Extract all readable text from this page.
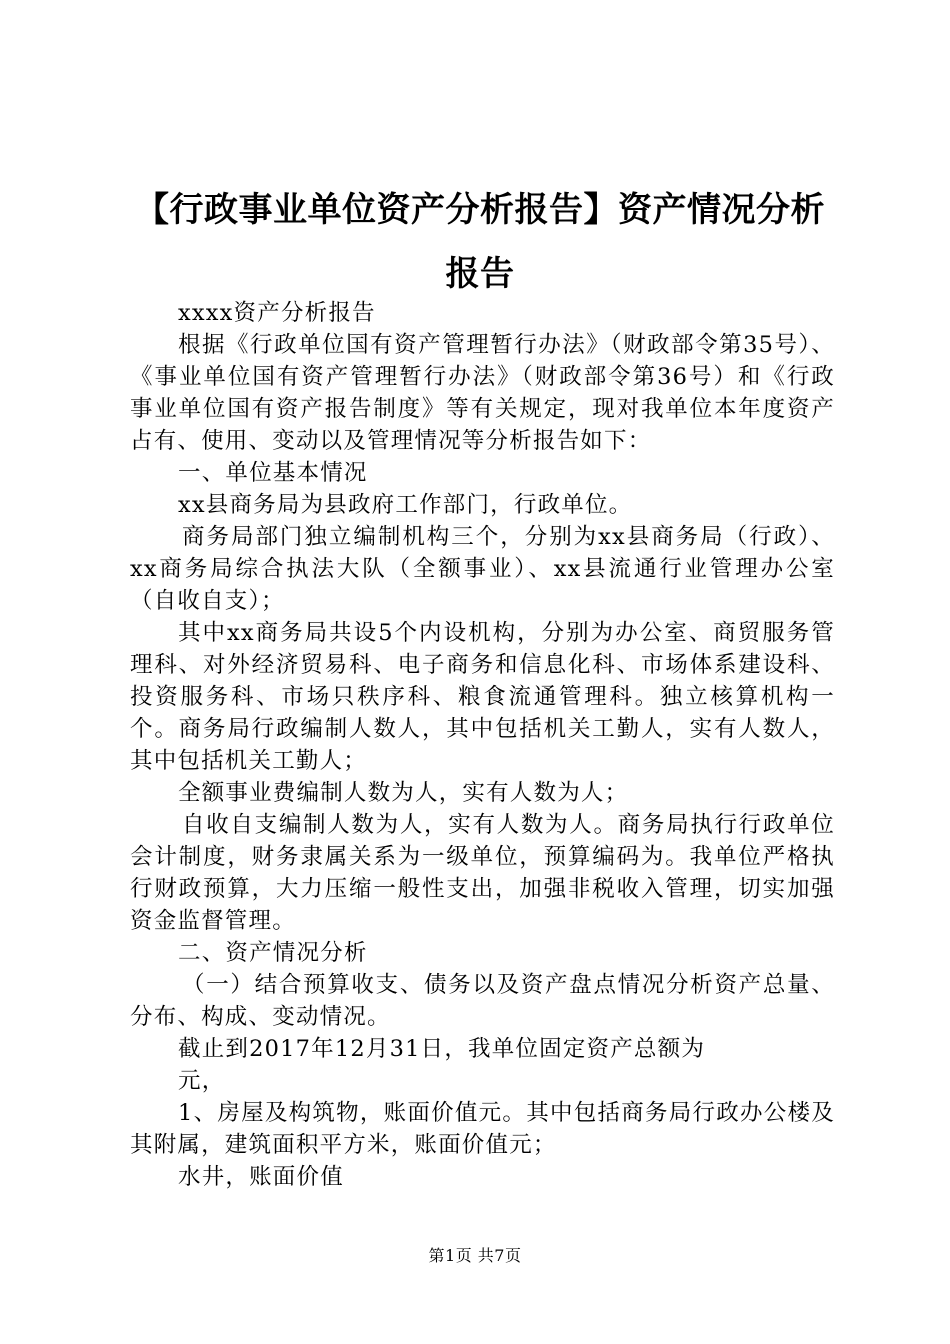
【行政事业单位资产分析报告】资产情况分析报告

xxxx资产分析报告

根据《行政单位国有资产管理暂行办法》（财政部令第35号）、《事业单位国有资产管理暂行办法》（财政部令第36号）和《行政事业单位国有资产报告制度》等有关规定，现对我单位本年度资产占有、使用、变动以及管理情况等分析报告如下：

一、单位基本情况

xx县商务局为县政府工作部门，行政单位。

商务局部门独立编制机构三个，分别为xx县商务局（行政）、xx商务局综合执法大队（全额事业）、xx县流通行业管理办公室（自收自支）；

其中xx商务局共设5个内设机构，分别为办公室、商贸服务管理科、对外经济贸易科、电子商务和信息化科、市场体系建设科、投资服务科、市场只秩序科、粮食流通管理科。独立核算机构一个。商务局行政编制人数人，其中包括机关工勤人，实有人数人，其中包括机关工勤人；

全额事业费编制人数为人，实有人数为人；

自收自支编制人数为人，实有人数为人。商务局执行行政单位会计制度，财务隶属关系为一级单位，预算编码为。我单位严格执行财政预算，大力压缩一般性支出，加强非税收入管理，切实加强资金监督管理。

二、资产情况分析

（一）结合预算收支、债务以及资产盘点情况分析资产总量、分布、构成、变动情况。

截止到2017年12月31日，我单位固定资产总额为

元，

1、房屋及构筑物，账面价值元。其中包括商务局行政办公楼及其附属，建筑面积平方米，账面价值元；

水井，账面价值

第1页 共7页
